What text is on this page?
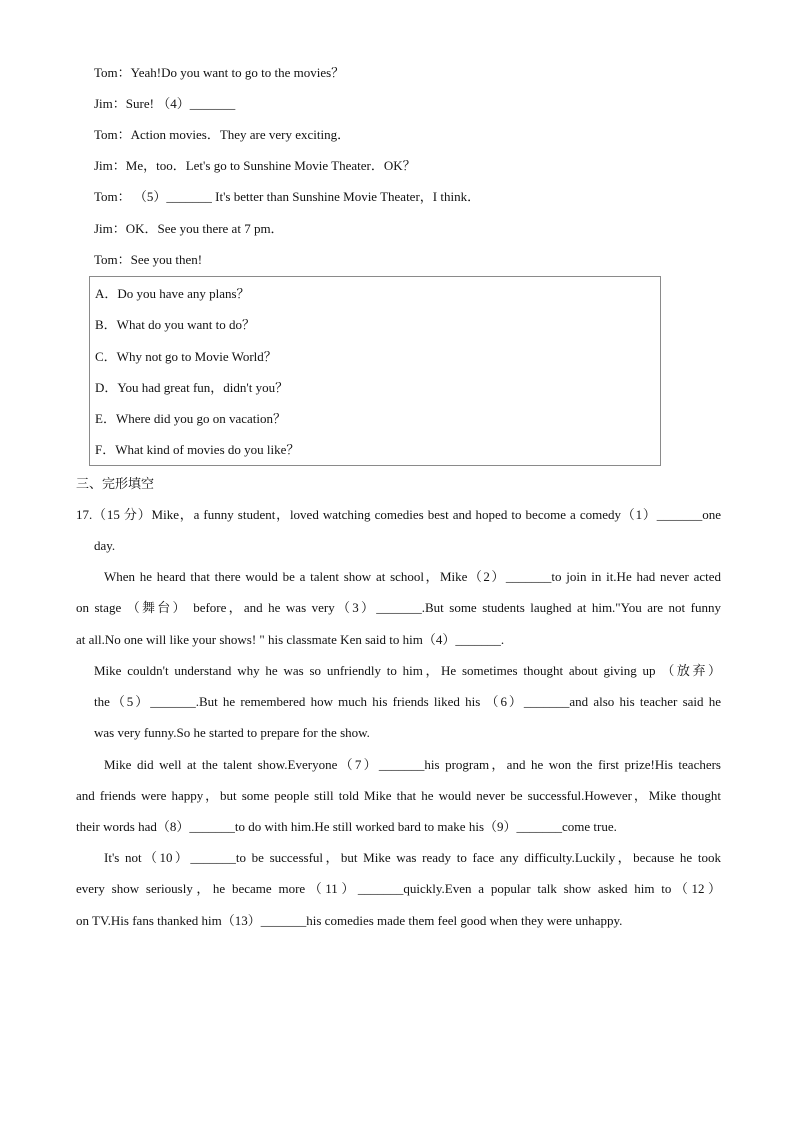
Tom：Yeah!Do you want to go to the movies？
Jim：Sure! （4）_______
Tom：Action movies．They are very exciting．
Jim：Me，too．Let's go to Sunshine Movie Theater．OK？
Tom： （5）_______ It's better than Sunshine Movie Theater，I think．
Jim：OK．See you there at 7 pm．
Tom：See you then!
A．Do you have any plans？
B．What do you want to do？
C．Why not go to Movie World？
D．You had great fun，didn't you？
E．Where did you go on vacation？
F．What kind of movies do you like？
三、完形填空
17.（15 分）Mike，a funny student，loved watching comedies best and hoped to become a comedy（1）_______one
day.
When he heard that there would be a talent show at school，Mike（2）_______to join in it.He had never acted
on stage （舞台） before，and he was very（3）_______.But some students laughed at him."You are not funny
at all.No one will like your shows! " his classmate Ken said to him（4）_______.
Mike couldn't understand why he was so unfriendly to him，He sometimes thought about giving up （放弃）
the（5）_______.But he remembered how much his friends liked his （6）_______and also his teacher said he
was very funny.So he started to prepare for the show.
Mike did well at the talent show.Everyone（7）_______his program，and he won the first prize!His teachers
and friends were happy，but some people still told Mike that he would never be successful.However，Mike thought
their words had（8）_______to do with him.He still worked bard to make his（9）_______come true.
It's not（10）_______to be successful，but Mike was ready to face any difficulty.Luckily，because he took
every show seriously，he became more（11）_______quickly.Even a popular talk show asked him to（12）
on TV.His fans thanked him（13）_______his comedies made them feel good when they were unhappy.
